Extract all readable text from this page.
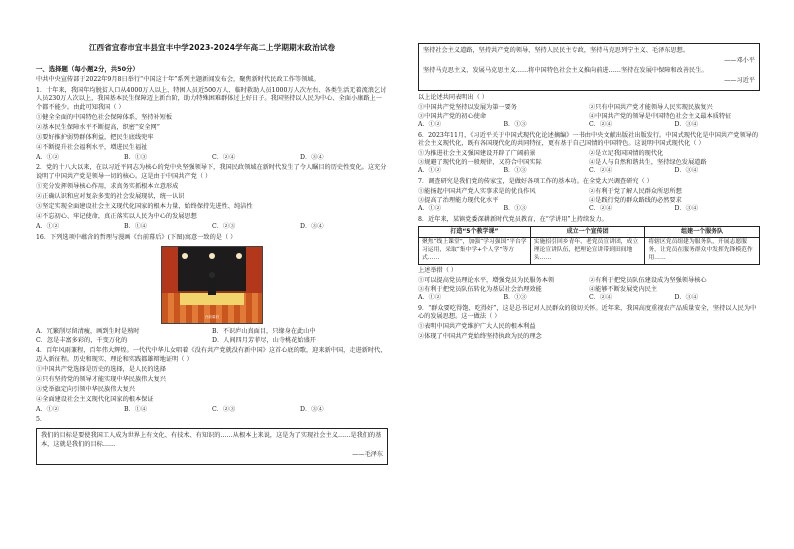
江西省宜春市宜丰县宜丰中学2023-2024学年高二上学期期末政治试卷
一、选择题（每小题2分，共50分）

中共中央宣传部于2022年9月8日举行“中国这十年”系列主题新闻发布会，聚焦新时代民政工作等领域。

1．十年来，我国年均脱贫人口从4000万人以上、特困人员近500万人、临时救助人员1000万人次左右、各类生活无着流浪乞讨人员230万人次以上，我国基本民生保障迈上新台阶，助力特殊困难群体过上好日子。我国坚持以人民为中心、全面小康路上一个都不能少。由此可知我国（ ）

①健全全面的中国特色社会保障体系，坚持补短板

②基本民生保障水平不断提高，织密“安全网”

③要好推护弱势群体利益，把民生底线兜牢

④不断提升社会福利水平，增进民生福祉

A．①②	B．①③	C．②④	D．③④

2．党的十八大以来，在以习近平同志为核心的党中央坚强领导下，我国民政领域在新时代发生了令人瞩目的历史性变化。这充分说明了中国共产党是领导一切的核心。这是由于中国共产党（ ）

①充分发挥领导核心作用，求真务实抓根本立意形成

②正确认识和应对复杂多变的社会发展现状，统一认识

③坚定实现全面建设社会主义现代化国家的根本力量，始终保持先进性、纯洁性

④不忘初心、牢记使命，真正落实以人民为中心的发展思想

A．①②	B．①④	C．②③	D．③④

16．下列选项中蕴含的哲理与漫画《台前幕后》(下图)寓意一致的是（ ）

台前幕后
A．冗繁削尽留清瘦，画到生时是熟时	B．不识庐山真面目，只缘身在此山中
C．忽是丰富多彩的，千变万化的	D．人间四月芳菲尽，山寺桃花始盛开

4．百年风雨兼程，百年伟大辉煌。一代代中华儿女唱着《没有共产党就没有新中国》这首心底的歌，迎来新中国，走进新时代，迈入新征程。历史和现实、理论和实践都雄辩地证明（ ）

①中国共产党选择是历史的选择，是人民的选择

②只有坚持党的领导才能实现中华民族伟大复兴

③党举旗定向引领中华民族伟大复兴

④全面建设社会主义现代化国家的根本保证

A．①②	B．①④	C．②③	D．③④

5．

我们的目标是要使我国工人成为世界上有文化、有技术、有知识的……从根本上来说，这是为了实现社会主义……是我们的基本，这就是我们的目标……

——毛泽东

坚持社会主义道路，坚持共产党的领导，坚持人民民主专政，坚持马克思列宁主义、毛泽东思想。

——邓小平

坚持马克思主义、发展马克思主义……将中国特色社会主义推向前进……坚持在发展中保障和改善民生。

——习近平

以上论述共同表明出（ ）

①中国共产党坚持以发展为第一要务	②只有中国共产党才能领导人民实现民族复兴
③中国共产党的初心使命	④中国共产党的领导是中国特色社会主义最本质特征
A．①②	B．①③	C．②④	D．③④

6．2023年11月，《习近平关于中国式现代化论述摘编》一书由中央文献出版社出版发行。中国式现代化是中国共产党领导的社会主义现代化，既有各国现代化的共同特征，更有基于自己国情的中国特色。这说明中国式现代化（ ）

①为推进社会主义强国建设开辟了广阔前景	②是立足我国国情的现代化
③规避了现代化的一般规律，又符合中国实际	④是人与自然和谐共生，坚持绿色发展道路
A．①②	B．①③	C．②④	D．③④

7．调查研究是我们党的传家宝，是做好各项工作的基本功。在全党大兴调查研究（ ）

①能扬起中国共产党人实事求是的优良作风	②有利于党了解人民群众所思所想
③提高了治理能力现代化水平	④是践行党的群众路线的必然要求
A．①②	B．①③	C．②④	D．③④

8．近年来，某镇党委深耕新时代党员教育，在“学讲用”上持续发力。

打造“5个教学课”	成立一个宣传团	组建一个服务队
聚焦“线上课堂”，加强“学习强国”平台学习运用，采取“集中学+个人学”等方式……	实施招引回乡青年、老党员宣讲团，成立理论宣讲队伍，把理论宣讲带到田间地头……	将辖区党员组建为服务队，开展志愿服务，让党员在服务群众中发挥先锋模范作用……

上述举措（ ）

①可以提高党员理论水平，增强党员为民服务本领	②有利于把党员队伍建设成为坚强领导核心
③有利于把党员队伍转化为基层社会治理效能	④能够不断发展党内民主
A．①②	B．①③	C．②④	D．③④

9．“群众要吃得饱、吃得好”，这是总书记对人民群众的殷切关怀。近年来，我国高度重视农产品质量安全，坚持以人民为中心的发展思想。这一做法（ ）

①表明中国共产党维护广大人民的根本利益

②体现了中国共产党始终坚持执政为民的理念
